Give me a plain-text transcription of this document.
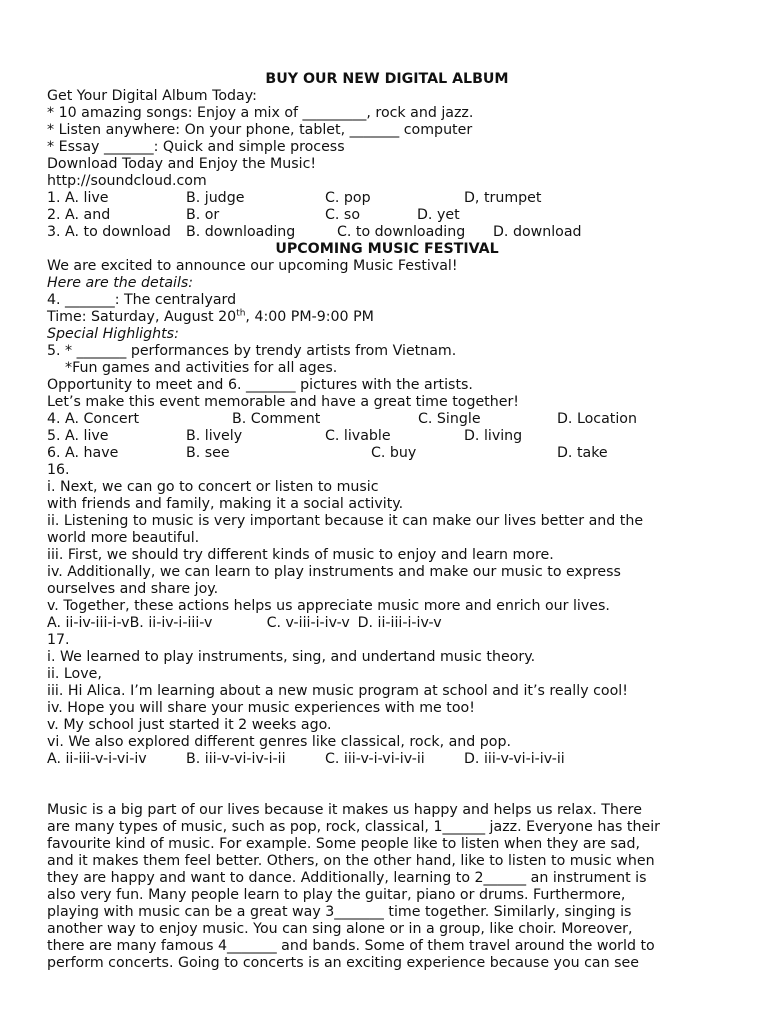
BUY OUR NEW DIGITAL ALBUM
Get Your Digital Album Today:
* 10 amazing songs: Enjoy a mix of _________, rock and jazz.
* Listen anywhere: On your phone, tablet, _______ computer
* Essay _______: Quick and simple process
Download Today and Enjoy the Music!
http://soundcloud.com
1. A. live	B. judge	C. pop	D, trumpet
2. A. and	B. or	C. so	D. yet
3. A. to download	B. downloading	C. to downloading	D. download
UPCOMING MUSIC FESTIVAL
We are excited to announce our upcoming Music Festival!
Here are the details:
4. _______: The centralyard
Time: Saturday, August 20th, 4:00 PM-9:00 PM
Special Highlights:
5. * _______ performances by trendy artists from Vietnam.
*Fun games and activities for all ages.
Opportunity to meet and 6. _______ pictures with the artists.
Let’s make this event memorable and have a great time together!
4. A. Concert	B. Comment	C. Single	D. Location
5. A. live	B. lively	C. livable	D. living
6. A. have	B. see	C. buy	D. take
16.
i. Next, we can go to concert or listen to music
with friends and family, making it a social activity.
ii. Listening to music is very important because it can make our lives better and the
world more beautiful.
iii. First, we should try different kinds of music to enjoy and learn more.
iv. Additionally, we can learn to play instruments and make our music to express
ourselves and share joy.
v. Together, these actions helps us appreciate music more and enrich our lives.
A. ii-iv-iii-i-v B. ii-iv-i-iii-v	C. v-iii-i-iv-v D. ii-iii-i-iv-v
17.
i. We learned to play instruments, sing, and undertand music theory.
ii. Love,
iii. Hi Alica. I’m learning about a new music program at school and it’s really cool!
iv. Hope you will share your music experiences with me too!
v. My school just started it 2 weeks ago.
vi. We also explored different genres like classical, rock, and pop.
A. ii-iii-v-i-vi-iv	B. iii-v-vi-iv-i-ii	C. iii-v-i-vi-iv-ii	D. iii-v-vi-i-iv-ii
Music is a big part of our lives because it makes us happy and helps us relax. There
are many types of music, such as pop, rock, classical, 1______ jazz. Everyone has their
favourite kind of music. For example. Some people like to listen when they are sad,
and it makes them feel better. Others, on the other hand, like to listen to music when
they are happy and want to dance. Additionally, learning to 2______ an instrument is
also very fun. Many people learn to play the guitar, piano or drums. Furthermore,
playing with music can be a great way 3_______ time together. Similarly, singing is
another way to enjoy music. You can sing alone or in a group, like choir. Moreover,
there are many famous 4_______ and bands. Some of them travel around the world to
perform concerts. Going to concerts is an exciting experience because you can see
